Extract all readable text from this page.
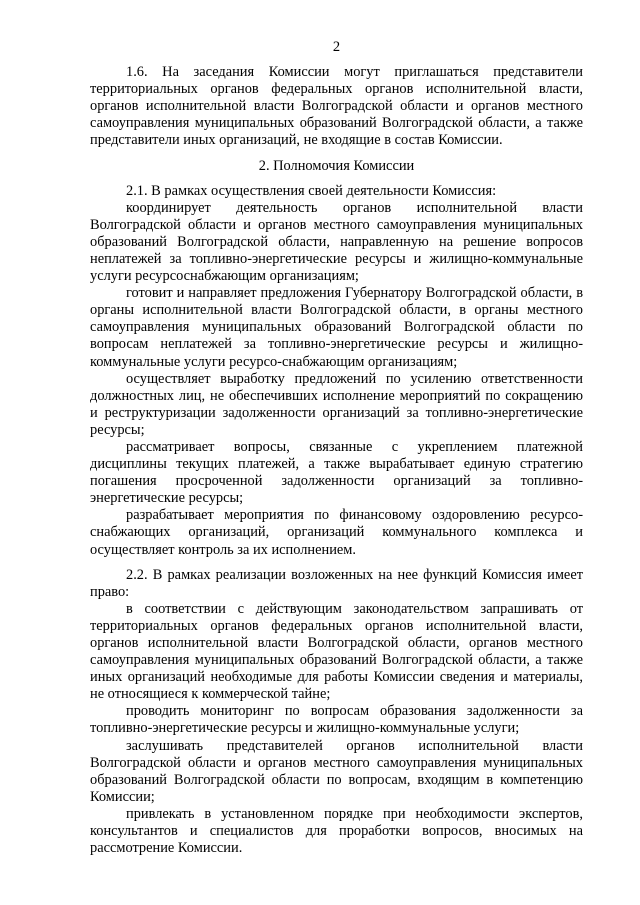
2

1.6. На заседания Комиссии могут приглашаться представители территориальных органов федеральных органов исполнительной власти, органов исполнительной власти Волгоградской области и органов местного самоуправления муниципальных образований Волгоградской области, а также представители иных организаций, не входящие в состав Комиссии.

2. Полномочия Комиссии

2.1. В рамках осуществления своей деятельности Комиссия:

координирует деятельность органов исполнительной власти Волгоградской области и органов местного самоуправления муниципальных образований Волгоградской области, направленную на решение вопросов неплатежей за топливно-энергетические ресурсы и жилищно-коммунальные услуги ресурсоснабжающим организациям;

готовит и направляет предложения Губернатору Волгоградской области, в органы исполнительной власти Волгоградской области, в органы местного самоуправления муниципальных образований Волгоградской области по вопросам неплатежей за топливно-энергетические ресурсы и жилищно-коммунальные услуги ресурсо-снабжающим организациям;

осуществляет выработку предложений по усилению ответственности должностных лиц, не обеспечивших исполнение мероприятий по сокращению и реструктуризации задолженности организаций за топливно-энергетические ресурсы;

рассматривает вопросы, связанные с укреплением платежной дисциплины текущих платежей, а также вырабатывает единую стратегию погашения просроченной задолженности организаций за топливно-энергетические ресурсы;

разрабатывает мероприятия по финансовому оздоровлению ресурсо-снабжающих организаций, организаций коммунального комплекса и осуществляет контроль за их исполнением.

2.2. В рамках реализации возложенных на нее функций Комиссия имеет право:

в соответствии с действующим законодательством запрашивать от территориальных органов федеральных органов исполнительной власти, органов исполнительной власти Волгоградской области, органов местного самоуправления муниципальных образований Волгоградской области, а также иных организаций необходимые для работы Комиссии сведения и материалы, не относящиеся к коммерческой тайне;

проводить мониторинг по вопросам образования задолженности за топливно-энергетические ресурсы и жилищно-коммунальные услуги;

заслушивать представителей органов исполнительной власти Волгоградской области и органов местного самоуправления муниципальных образований Волгоградской области по вопросам, входящим в компетенцию Комиссии;

привлекать в установленном порядке при необходимости экспертов, консультантов и специалистов для проработки вопросов, вносимых на рассмотрение Комиссии.
